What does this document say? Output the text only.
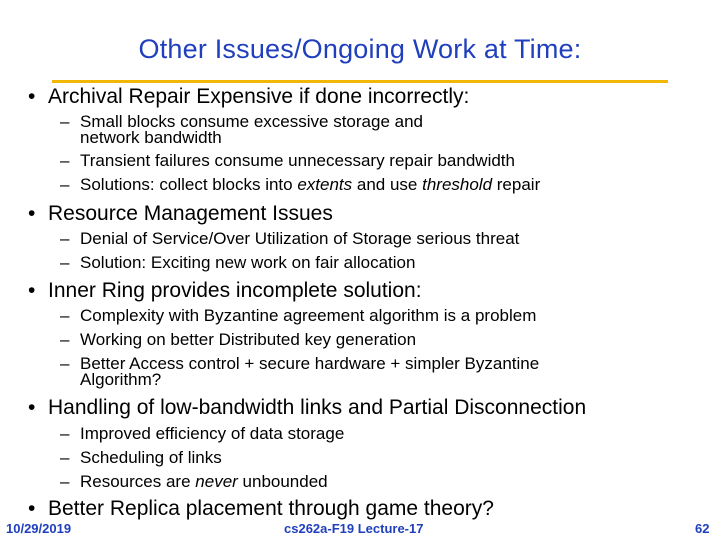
Other Issues/Ongoing Work at Time:
• Archival Repair Expensive if done incorrectly:
– Small blocks consume excessive storage and
network bandwidth
– Transient failures consume unnecessary repair bandwidth
– Solutions: collect blocks into extents and use threshold repair
• Resource Management Issues
– Denial of Service/Over Utilization of Storage serious threat
– Solution: Exciting new work on fair allocation
• Inner Ring provides incomplete solution:
– Complexity with Byzantine agreement algorithm is a problem
– Working on better Distributed key generation
– Better Access control + secure hardware + simpler Byzantine
Algorithm?
• Handling of low-bandwidth links and Partial Disconnection
– Improved efficiency of data storage
– Scheduling of links
– Resources are never unbounded
• Better Replica placement through game theory?
10/29/2019	cs262a-F19 Lecture-17	62
